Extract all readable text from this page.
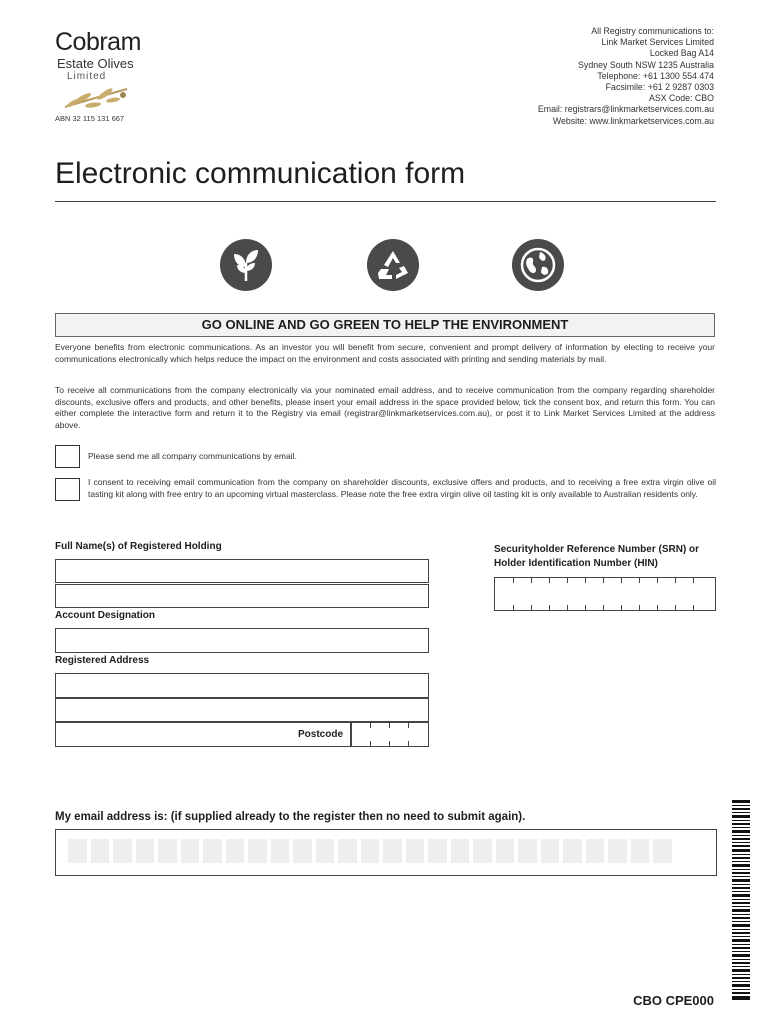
Cobram
Estate Olives
Limited
ABN 32 115 131 667
All Registry communications to:
Link Market Services Limited
Locked Bag A14
Sydney South NSW 1235 Australia
Telephone: +61 1300 554 474
Facsimile: +61 2 9287 0303
ASX Code: CBO
Email: registrars@linkmarketservices.com.au
Website: www.linkmarketservices.com.au
Electronic communication form
GO ONLINE AND GO GREEN TO HELP THE ENVIRONMENT
Everyone benefits from electronic communications. As an investor you will benefit from secure, convenient and prompt delivery of information by electing to receive your communications electronically which helps reduce the impact on the environment and costs associated with printing and sending materials by mail.
To receive all communications from the company electronically via your nominated email address, and to receive communication from the company regarding shareholder discounts, exclusive offers and products, and other benefits, please insert your email address in the space provided below, tick the consent box, and return this form. You can either complete the interactive form and return it to the Registry via email (registrar@linkmarketservices.com.au), or post it to Link Market Services Limited at the address above.
Please send me all company communications by email.
I consent to receiving email communication from the company on shareholder discounts, exclusive offers and products, and to receiving a free extra virgin olive oil tasting kit along with free entry to an upcoming virtual masterclass. Please note the free extra virgin olive oil tasting kit is only available to Australian residents only.
Full Name(s) of Registered Holding
Account Designation
Registered Address
Postcode
Securityholder Reference Number (SRN) or
Holder Identification Number (HIN)
My email address is: (if supplied already to the register then no need to submit again).
CBO CPE000
